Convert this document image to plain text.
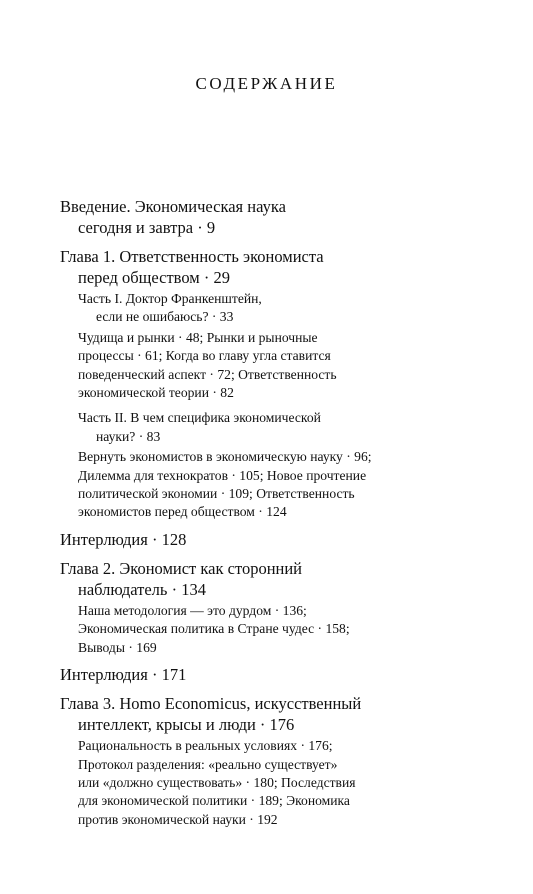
СОДЕРЖАНИЕ
Введение. Экономическая наука
сегодня и завтра · 9
Глава 1. Ответственность экономиста
перед обществом · 29
Часть I. Доктор Франкенштейн,
если не ошибаюсь? · 33
Чудища и рынки · 48; Рынки и рыночные
процессы · 61; Когда во главу угла ставится
поведенческий аспект · 72; Ответственность
экономической теории · 82
Часть II. В чем специфика экономической
науки? · 83
Вернуть экономистов в экономическую науку · 96;
Дилемма для технократов · 105; Новое прочтение
политической экономии · 109; Ответственность
экономистов перед обществом · 124
Интерлюдия · 128
Глава 2. Экономист как сторонний
наблюдатель · 134
Наша методология — это дурдом · 136;
Экономическая политика в Стране чудес · 158;
Выводы · 169
Интерлюдия · 171
Глава 3. Homo Economicus, искусственный
интеллект, крысы и люди · 176
Рациональность в реальных условиях · 176;
Протокол разделения: «реально существует»
или «должно существовать» · 180; Последствия
для экономической политики · 189; Экономика
против экономической науки · 192
